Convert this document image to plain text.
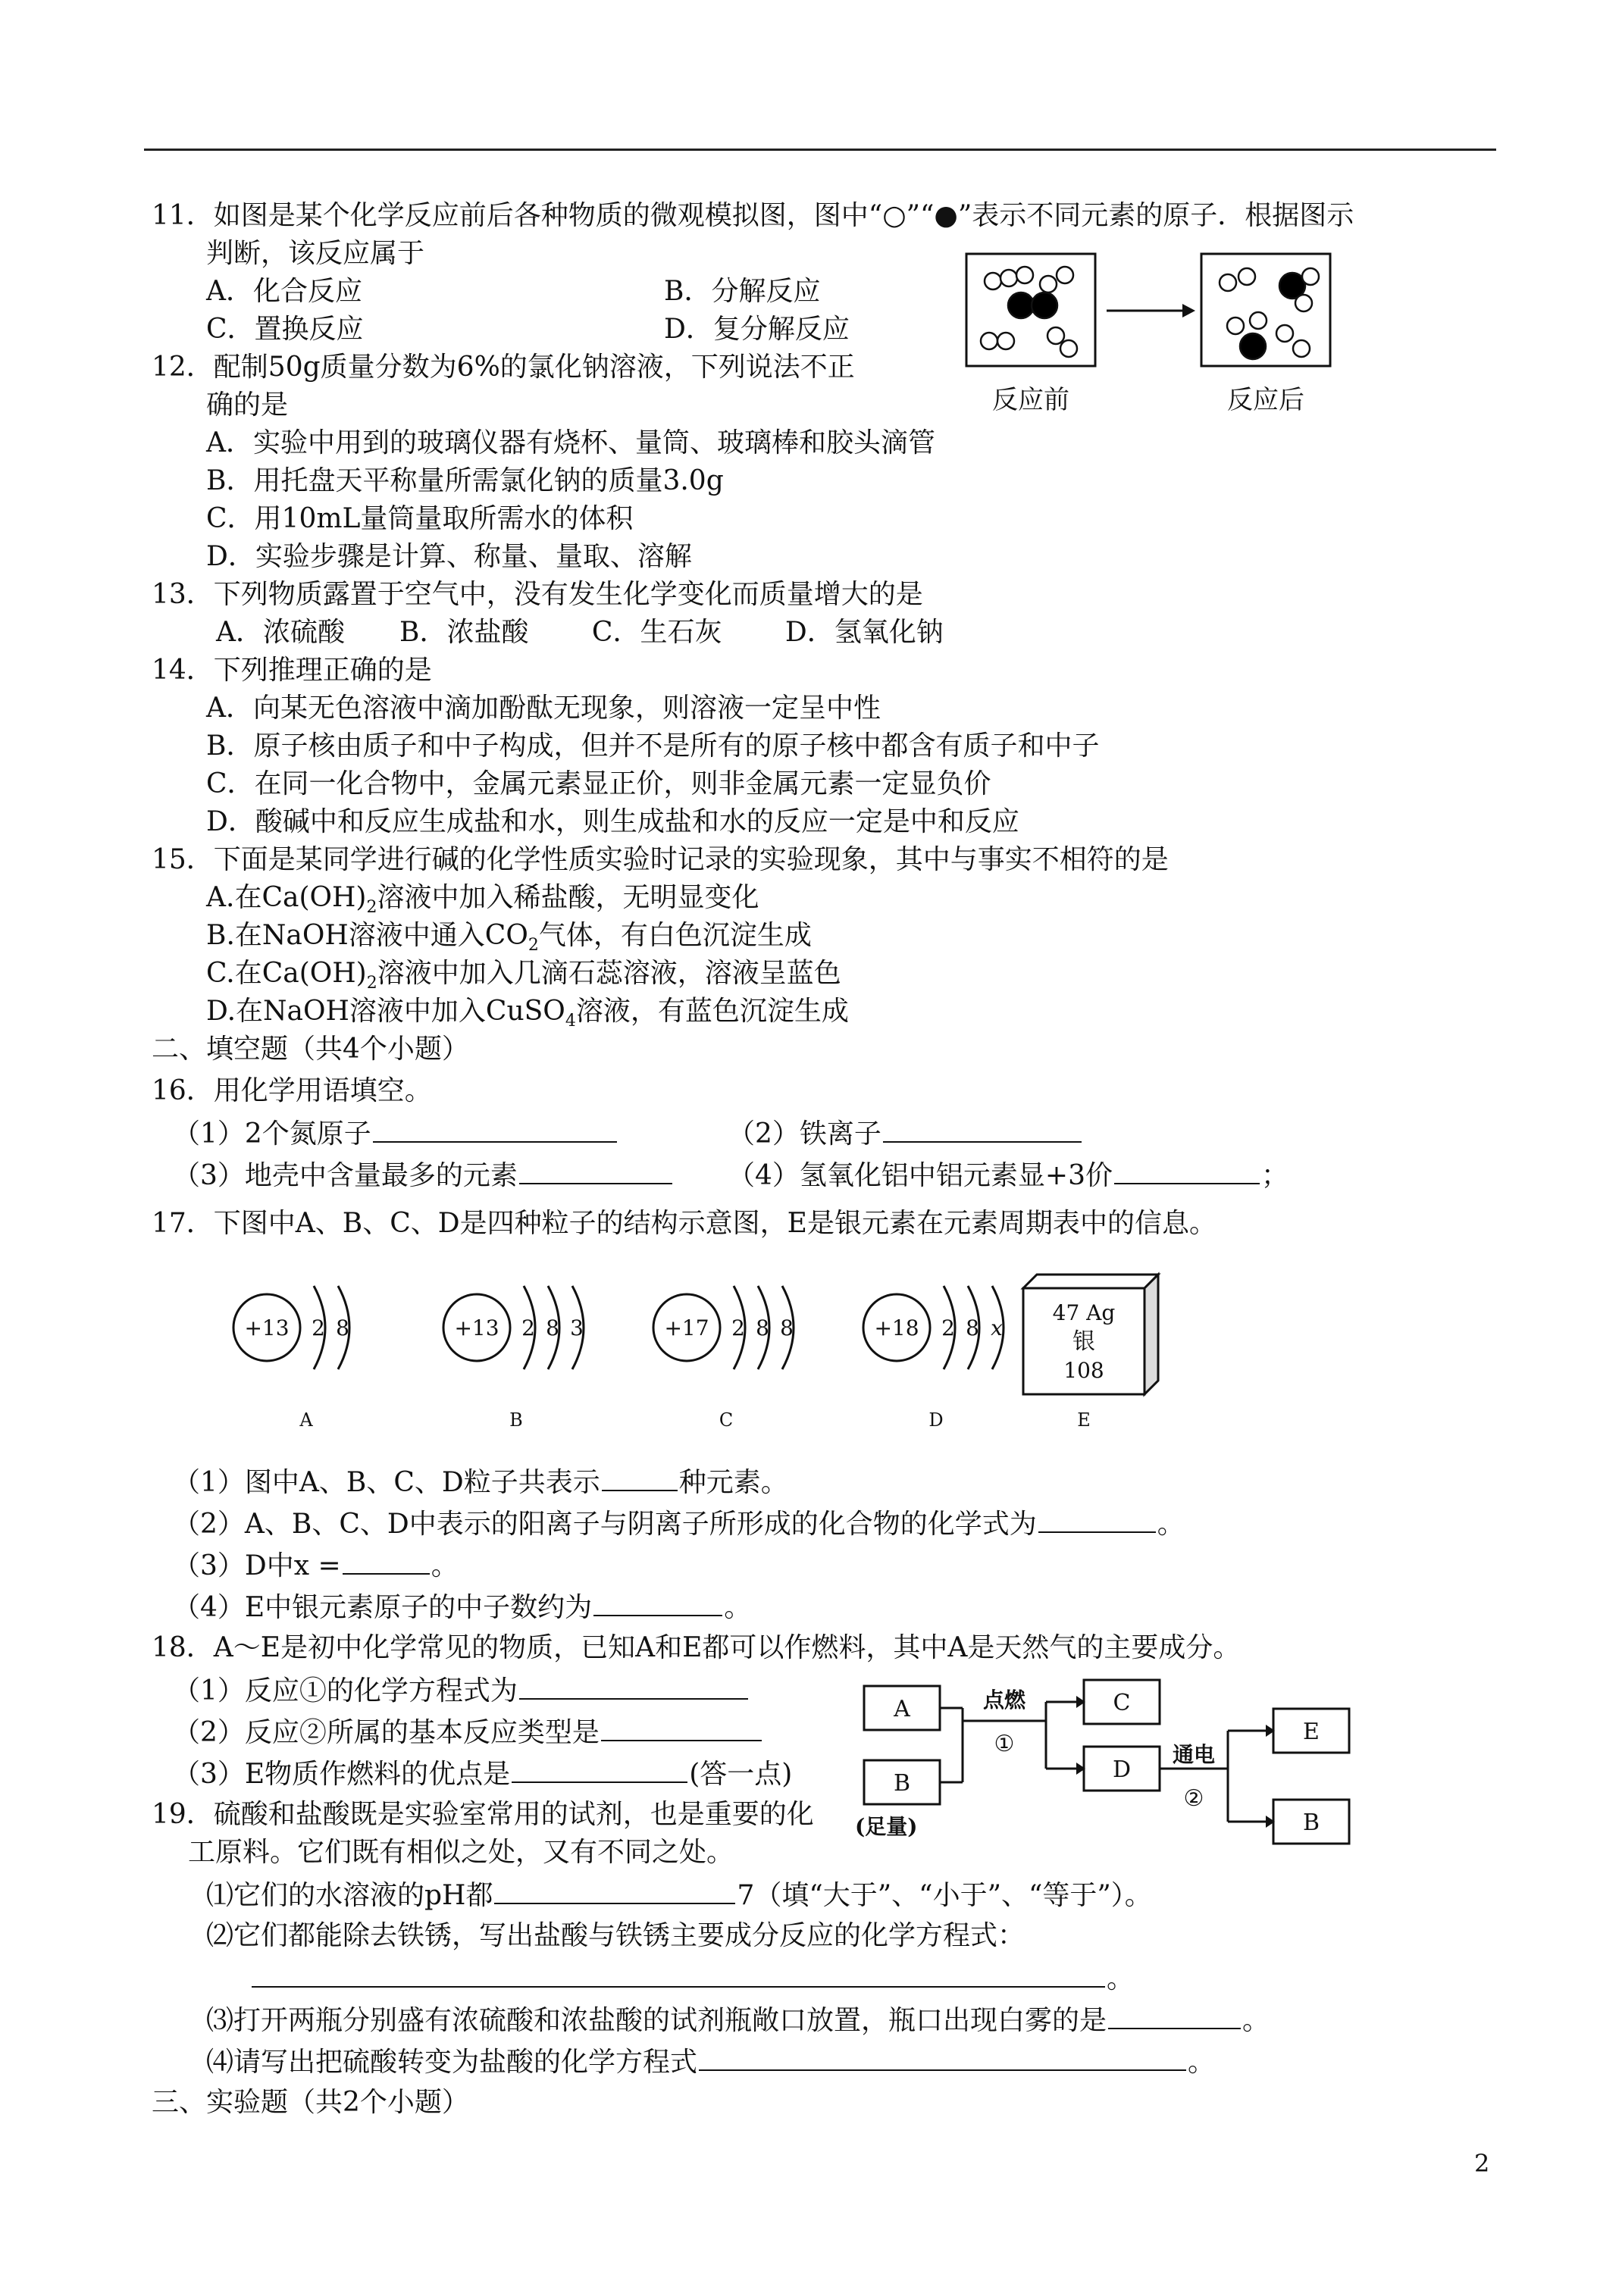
11．如图是某个化学反应前后各种物质的微观模拟图，图中“○”“●”表示不同元素的原子．根据图示
判断，该反应属于
A．化合反应	B．分解反应
C．置换反应	D．复分解反应
反应前	反应后
12．配制50g质量分数为6%的氯化钠溶液，下列说法不正
确的是
A．实验中用到的玻璃仪器有烧杯、量筒、玻璃棒和胶头滴管
B．用托盘天平称量所需氯化钠的质量3.0g
C．用10mL量筒量取所需水的体积
D．实验步骤是计算、称量、量取、溶解
13．下列物质露置于空气中，没有发生化学变化而质量增大的是
A．浓硫酸　　B．浓盐酸　　 C．生石灰　　 D．氢氧化钠
14．下列推理正确的是
A．向某无色溶液中滴加酚酞无现象，则溶液一定呈中性
B．原子核由质子和中子构成，但并不是所有的原子核中都含有质子和中子
C．在同一化合物中，金属元素显正价，则非金属元素一定显负价
D．酸碱中和反应生成盐和水，则生成盐和水的反应一定是中和反应
15．下面是某同学进行碱的化学性质实验时记录的实验现象，其中与事实不相符的是
A.在$Ca(OH)_2$溶液中加入稀盐酸，无明显变化
B.在NaOH溶液中通入$CO_2$气体，有白色沉淀生成
C.在$Ca(OH)_2$溶液中加入几滴石蕊溶液，溶液呈蓝色
D.在NaOH溶液中加入CuSO$_4$溶液，有蓝色沉淀生成
二、填空题（共4个小题）
16．用化学用语填空。
（1）2个氮原子	（2）铁离子
（3）地壳中含量最多的元素	（4）氢氧化铝中铝元素显+3价	；
17．下图中A、B、C、D是四种粒子的结构示意图，E是银元素在元素周期表中的信息。
+13 2 8
A
+13 2 8 3
B
+17 2 8 8
C
+18 2 8 x
D
47 Ag
银
108
E
（1）图中A、B、C、D粒子共表示	种元素。
（2）A、B、C、D中表示的阳离子与阴离子所形成的化合物的化学式为	。
（3）D中x =	。
（4）E中银元素原子的中子数约为	。
18．A～E是初中化学常见的物质，已知A和E都可以作燃料，其中A是天然气的主要成分。
（1）反应①的化学方程式为
（2）反应②所属的基本反应类型是
（3）E物质作燃料的优点是	(答一点)
A
B
(足量)
C
D
E
B
点燃
①	通电
②
19．硫酸和盐酸既是实验室常用的试剂，也是重要的化
工原料。它们既有相似之处，又有不同之处。
⑴它们的水溶液的pH都	7（填“大于”、“小于”、“等于”）。
⑵它们都能除去铁锈，写出盐酸与铁锈主要成分反应的化学方程式：
。
⑶打开两瓶分别盛有浓硫酸和浓盐酸的试剂瓶敞口放置，瓶口出现白雾的是	。
⑷请写出把硫酸转变为盐酸的化学方程式	。
三、实验题（共2个小题）
2
